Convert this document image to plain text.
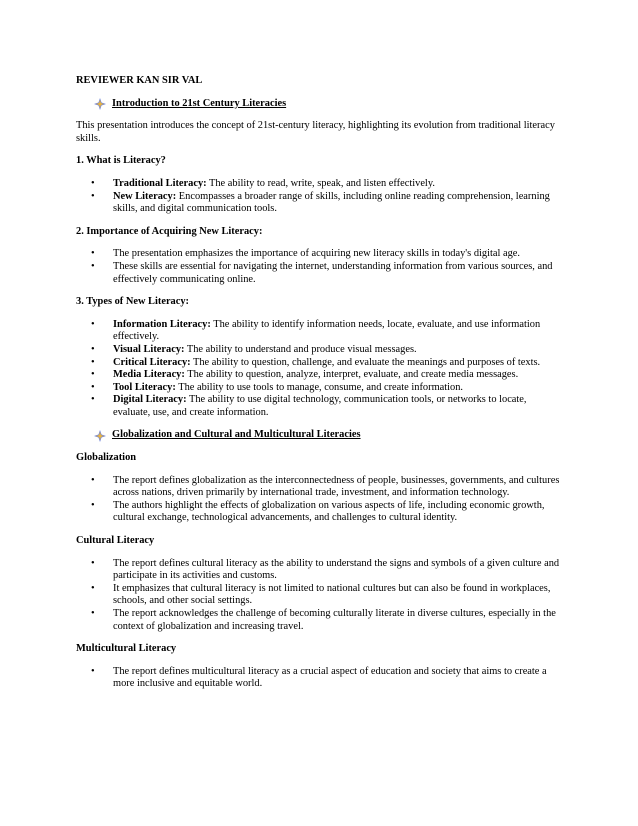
REVIEWER KAN SIR VAL

Introduction to 21st Century Literacies

This presentation introduces the concept of 21st-century literacy, highlighting its evolution from traditional literacy skills.

1. What is Literacy?

• Traditional Literacy: The ability to read, write, speak, and listen effectively.
• New Literacy: Encompasses a broader range of skills, including online reading comprehension, learning skills, and digital communication tools.

2. Importance of Acquiring New Literacy:

• The presentation emphasizes the importance of acquiring new literacy skills in today's digital age.
• These skills are essential for navigating the internet, understanding information from various sources, and effectively communicating online.

3. Types of New Literacy:

• Information Literacy: The ability to identify information needs, locate, evaluate, and use information effectively.
• Visual Literacy: The ability to understand and produce visual messages.
• Critical Literacy: The ability to question, challenge, and evaluate the meanings and purposes of texts.
• Media Literacy: The ability to question, analyze, interpret, evaluate, and create media messages.
• Tool Literacy: The ability to use tools to manage, consume, and create information.
• Digital Literacy: The ability to use digital technology, communication tools, or networks to locate, evaluate, use, and create information.
Globalization and Cultural and Multicultural Literacies

Globalization

• The report defines globalization as the interconnectedness of people, businesses, governments, and cultures across nations, driven primarily by international trade, investment, and information technology.
• The authors highlight the effects of globalization on various aspects of life, including economic growth, cultural exchange, technological advancements, and challenges to cultural identity.

Cultural Literacy

• The report defines cultural literacy as the ability to understand the signs and symbols of a given culture and participate in its activities and customs.
• It emphasizes that cultural literacy is not limited to national cultures but can also be found in workplaces, schools, and other social settings.
• The report acknowledges the challenge of becoming culturally literate in diverse cultures, especially in the context of globalization and increasing travel.

Multicultural Literacy

• The report defines multicultural literacy as a crucial aspect of education and society that aims to create a more inclusive and equitable world.
